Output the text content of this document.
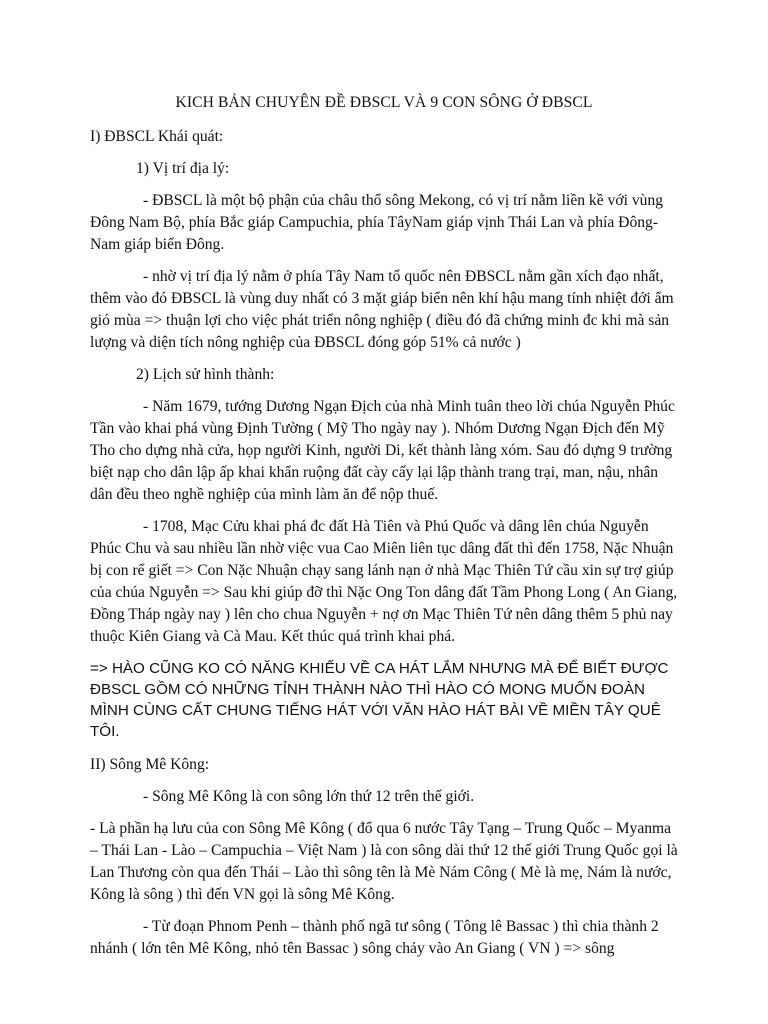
KICH BẢN CHUYÊN ĐỀ ĐBSCL VÀ 9 CON SÔNG Ở ĐBSCL

I) ĐBSCL Khái quát:

1) Vị trí địa lý:

- ĐBSCL là một bộ phận của châu thổ sông Mekong, có vị trí nằm liền kề với vùng Đông Nam Bộ, phía Bắc giáp Campuchia, phía TâyNam giáp vịnh Thái Lan và phía Đông-Nam giáp biển Đông.

- nhờ vị trí địa lý nằm ở phía Tây Nam tổ quốc nên ĐBSCL nằm gần xích đạo nhất, thêm vào đó ĐBSCL là vùng duy nhất có 3 mặt giáp biển nên khí hậu mang tính nhiệt đới ẩm gió mùa => thuận lợi cho việc phát triển nông nghiệp ( điều đó đã chứng minh đc khi mà sản lượng và diện tích nông nghiệp của ĐBSCL đóng góp 51% cả nước )

2) Lịch sử hình thành:

- Năm 1679, tướng Dương Ngạn Địch của nhà Minh tuân theo lời chúa Nguyễn Phúc Tần vào khai phá vùng Định Tường ( Mỹ Tho ngày nay ). Nhóm Dương Ngạn Địch đến Mỹ Tho cho dựng nhà cửa, họp người Kinh, người Di, kết thành làng xóm. Sau đó dựng 9 trường biệt nạp cho dân lập ấp khai khẩn ruộng đất cày cấy lại lập thành trang trại, man, nậu, nhân dân đều theo nghề nghiệp của mình làm ăn để nộp thuế.

- 1708, Mạc Cửu khai phá đc đất Hà Tiên và Phú Quốc và dâng lên chúa Nguyễn Phúc Chu và sau nhiều lần nhờ việc vua Cao Miên liên tục dâng đất thì đến 1758, Nặc Nhuận bị con rể giết => Con Nặc Nhuận chạy sang lánh nạn ở nhà Mạc Thiên Tứ cầu xin sự trợ giúp của chúa Nguyễn => Sau khi giúp đỡ thì Nặc Ong Ton dâng đất Tầm Phong Long ( An Giang, Đồng Tháp ngày nay ) lên cho chua Nguyễn + nợ ơn Mạc Thiên Tứ nên dâng thêm 5 phủ nay thuộc Kiên Giang và Cà Mau. Kết thúc quá trình khai phá.

=> HÀO CŨNG KO CÓ NĂNG KHIẾU VỀ CA HÁT LẮM NHƯNG MÀ ĐỂ BIẾT ĐƯỢC ĐBSCL GỒM CÓ NHỮNG TỈNH THÀNH NÀO THÌ HÀO CÓ MONG MUỐN ĐOÀN MÌNH CÙNG CẤT CHUNG TIẾNG HÁT VỚI VĂN HÀO HÁT BÀI VỀ MIỀN TÂY QUÊ TÔI.

II) Sông Mê Kông:

- Sông Mê Kông là con sông lớn thứ 12 trên thế giới.

- Là phần hạ lưu của con Sông Mê Kông ( đổ qua 6 nước Tây Tạng – Trung Quốc – Myanma – Thái Lan - Lào – Campuchia – Việt Nam ) là con sông dài thứ 12 thế giới Trung Quốc gọi là Lan Thương còn qua đến Thái – Lào thì sông tên là Mè Nám Công ( Mè là mẹ, Nám là nước, Kông là sông ) thì đến VN gọi là sông Mê Kông.

- Từ đoạn Phnom Penh – thành phố ngã tư sông ( Tông lê Bassac ) thì chia thành 2 nhánh ( lớn tên Mê Kông, nhỏ tên Bassac ) sông chảy vào An Giang ( VN ) => sông
